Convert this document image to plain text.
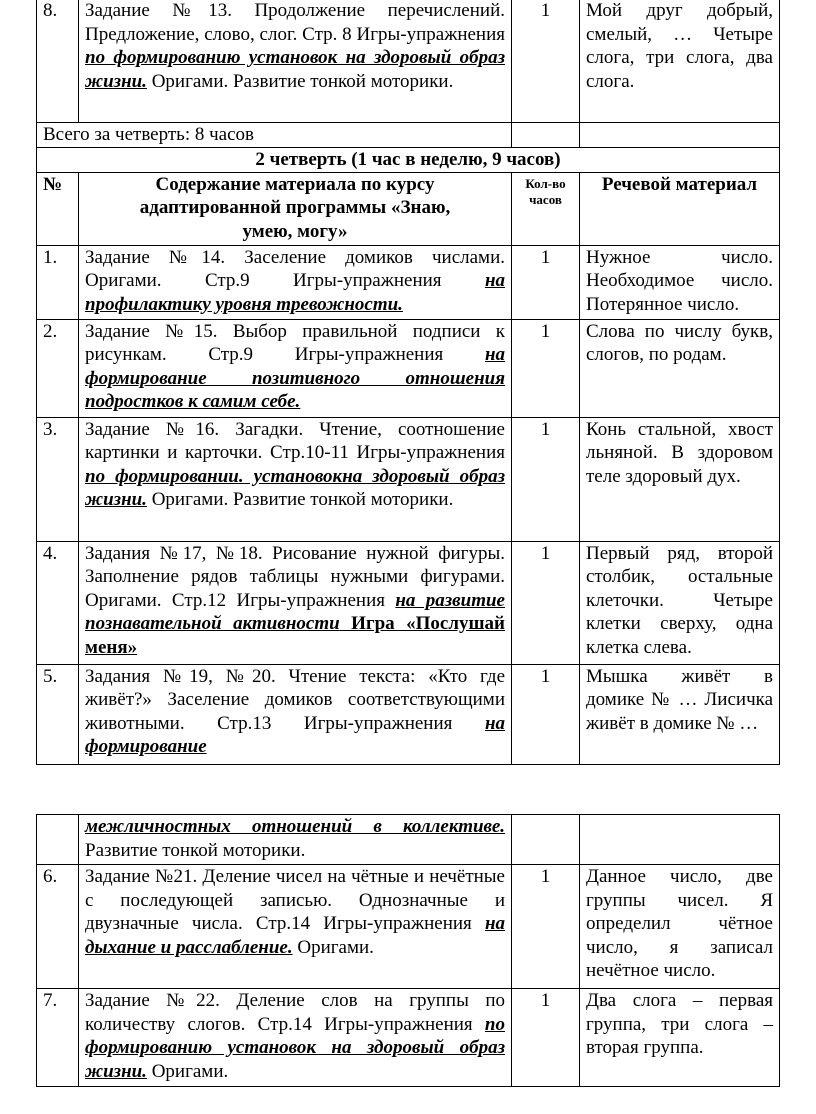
8.	Задание №13. Продолжение перечислений. Предложение, слово, слог. Стр. 8 Игры-упражнения по формированию установок на здоровый образ жизни. Оригами. Развитие тонкой моторики.	1	Мой друг добрый, смелый, … Четыре слога, три слога, два слога.
Всего за четверть: 8 часов			
2 четверть (1 час в неделю, 9 часов)			
№	Содержание материала по курсу адаптированной программы «Знаю, умею, могу»	Кол-во часов	Речевой материал
1.	Задание №14. Заселение домиков числами. Оригами. Стр.9 Игры-упражнения на профилактику уровня тревожности.	1	Нужное число. Необходимое число. Потерянное число.
2.	Задание №15. Выбор правильной подписи к рисункам. Стр.9 Игры-упражнения на формирование позитивного отношения подростков к самим себе.	1	Слова по числу букв, слогов, по родам.
3.	Задание №16. Загадки. Чтение, соотношение картинки и карточки. Стр.10-11 Игры-упражнения по формировании. установокна здоровый образ жизни. Оригами. Развитие тонкой моторики.	1	Конь стальной, хвост льняной. В здоровом теле здоровый дух.
4.	Задания №17, №18. Рисование нужной фигуры. Заполнение рядов таблицы нужными фигурами. Оригами. Стр.12 Игры-упражнения на развитие познавательной активности Игра «Послушай меня»	1	Первый ряд, второй столбик, остальные клеточки. Четыре клетки сверху, одна клетка слева.
5.	Задания №19, №20. Чтение текста: «Кто где живёт?» Заселение домиков соответствующими животными. Стр.13 Игры-упражнения на формирование	1	Мышка живёт в домике № … Лисичка живёт в домике № …
	межличностных отношений в коллективе. Развитие тонкой моторики.		
6.	Задание №21. Деление чисел на чётные и нечётные с последующей записью. Однозначные и двузначные числа. Стр.14 Игры-упражнения на дыхание и расслабление. Оригами.	1	Данное число, две группы чисел. Я определил чётное число, я записал нечётное число.
7.	Задание №22. Деление слов на группы по количеству слогов. Стр.14 Игры-упражнения по формированию установок на здоровый образ жизни. Оригами.	1	Два слога – первая группа, три слога – вторая группа.
